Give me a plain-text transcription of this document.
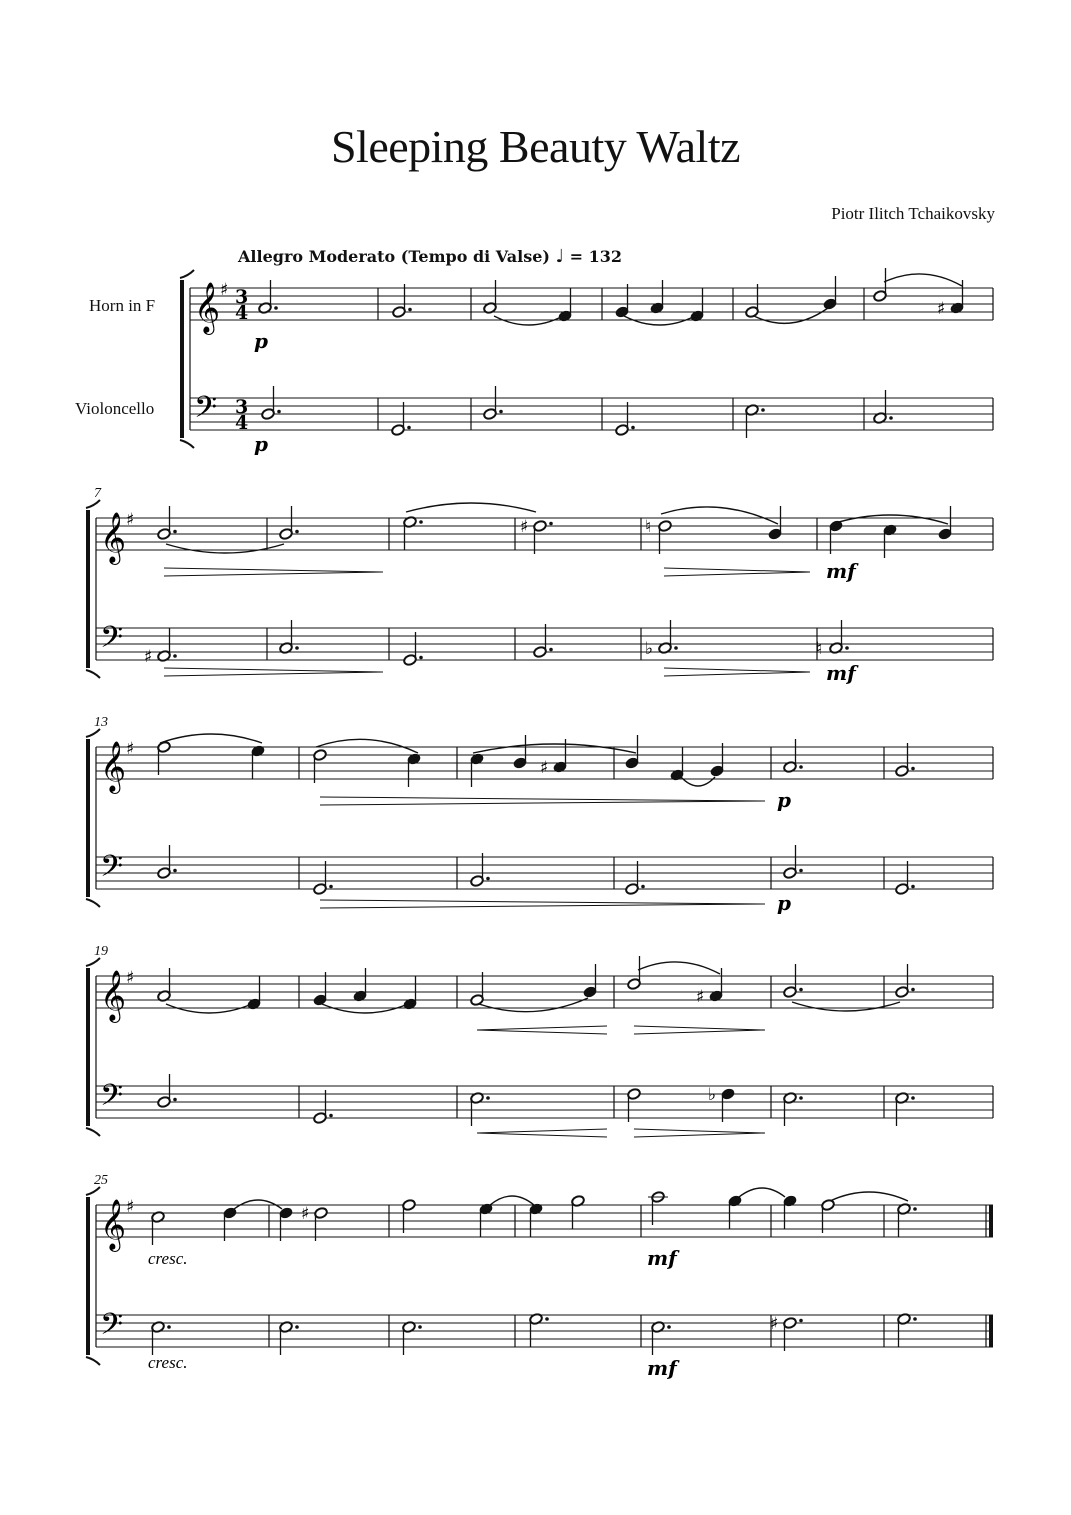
Sleeping Beauty Waltz
Piotr Ilitch Tchaikovsky
Allegro Moderato (Tempo di Valse) ♩ = 132
Horn in F
Violoncello
7
13
19
25
𝄞
𝄢
♯ 3
4
3
4
𝄞
𝄢
♯
𝄞
𝄢
♯
𝄞
𝄢
♯
𝄞
𝄢
♯
♯
p
p
♯	♮
mf
♯	♭	♮
mf
♯
p
p
♯
♭
♯
cresc.	mf
♯
cresc.	mf
